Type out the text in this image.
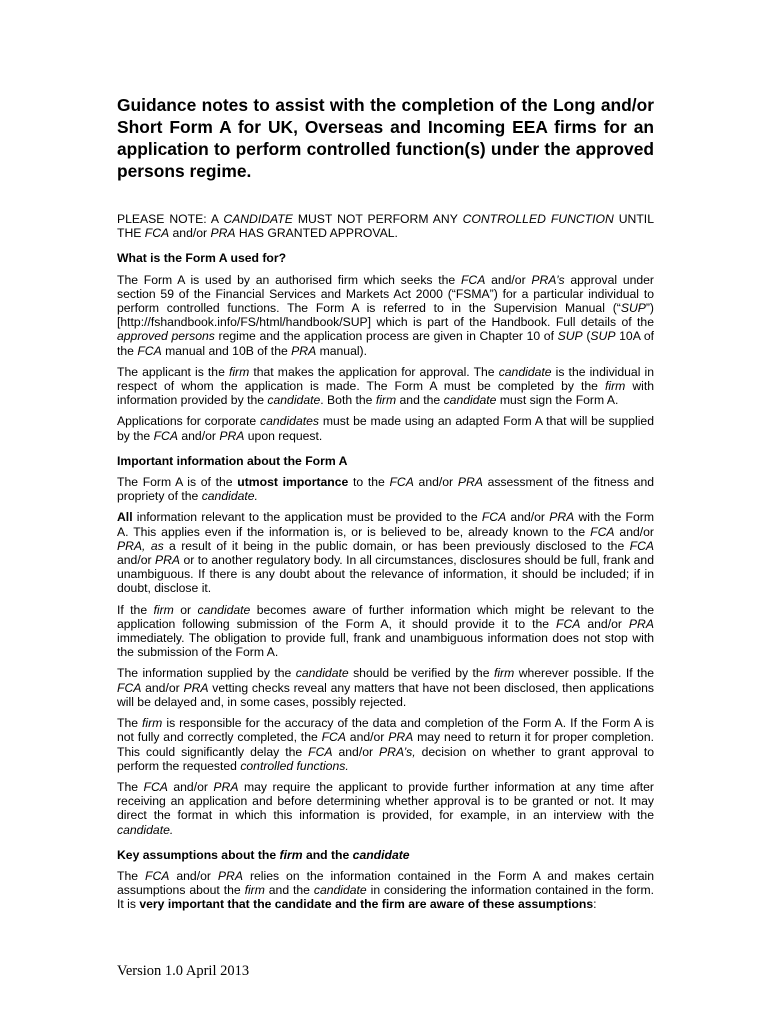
Guidance notes to assist with the completion of the Long and/or Short Form A for UK, Overseas and Incoming EEA firms for an application to perform controlled function(s) under the approved persons regime.

PLEASE NOTE: A CANDIDATE MUST NOT PERFORM ANY CONTROLLED FUNCTION UNTIL THE FCA and/or PRA HAS GRANTED APPROVAL.

What is the Form A used for?

The Form A is used by an authorised firm which seeks the FCA and/or PRA’s approval under section 59 of the Financial Services and Markets Act 2000 (“FSMA”) for a particular individual to perform controlled functions. The Form A is referred to in the Supervision Manual (“SUP”) [http://fshandbook.info/FS/html/handbook/SUP] which is part of the Handbook. Full details of the approved persons regime and the application process are given in Chapter 10 of SUP (SUP 10A of the FCA manual and 10B of the PRA manual).

The applicant is the firm that makes the application for approval. The candidate is the individual in respect of whom the application is made. The Form A must be completed by the firm with information provided by the candidate. Both the firm and the candidate must sign the Form A.

Applications for corporate candidates must be made using an adapted Form A that will be supplied by the FCA and/or PRA upon request.

Important information about the Form A

The Form A is of the utmost importance to the FCA and/or PRA assessment of the fitness and propriety of the candidate.

All information relevant to the application must be provided to the FCA and/or PRA with the Form A. This applies even if the information is, or is believed to be, already known to the FCA and/or PRA, as a result of it being in the public domain, or has been previously disclosed to the FCA and/or PRA or to another regulatory body. In all circumstances, disclosures should be full, frank and unambiguous. If there is any doubt about the relevance of information, it should be included; if in doubt, disclose it.

If the firm or candidate becomes aware of further information which might be relevant to the application following submission of the Form A, it should provide it to the FCA and/or PRA immediately. The obligation to provide full, frank and unambiguous information does not stop with the submission of the Form A.

The information supplied by the candidate should be verified by the firm wherever possible. If the FCA and/or PRA vetting checks reveal any matters that have not been disclosed, then applications will be delayed and, in some cases, possibly rejected.

The firm is responsible for the accuracy of the data and completion of the Form A. If the Form A is not fully and correctly completed, the FCA and/or PRA may need to return it for proper completion. This could significantly delay the FCA and/or PRA’s, decision on whether to grant approval to perform the requested controlled functions.

The FCA and/or PRA may require the applicant to provide further information at any time after receiving an application and before determining whether approval is to be granted or not. It may direct the format in which this information is provided, for example, in an interview with the candidate.

Key assumptions about the firm and the candidate

The FCA and/or PRA relies on the information contained in the Form A and makes certain assumptions about the firm and the candidate in considering the information contained in the form. It is very important that the candidate and the firm are aware of these assumptions:

Version 1.0 April 2013
